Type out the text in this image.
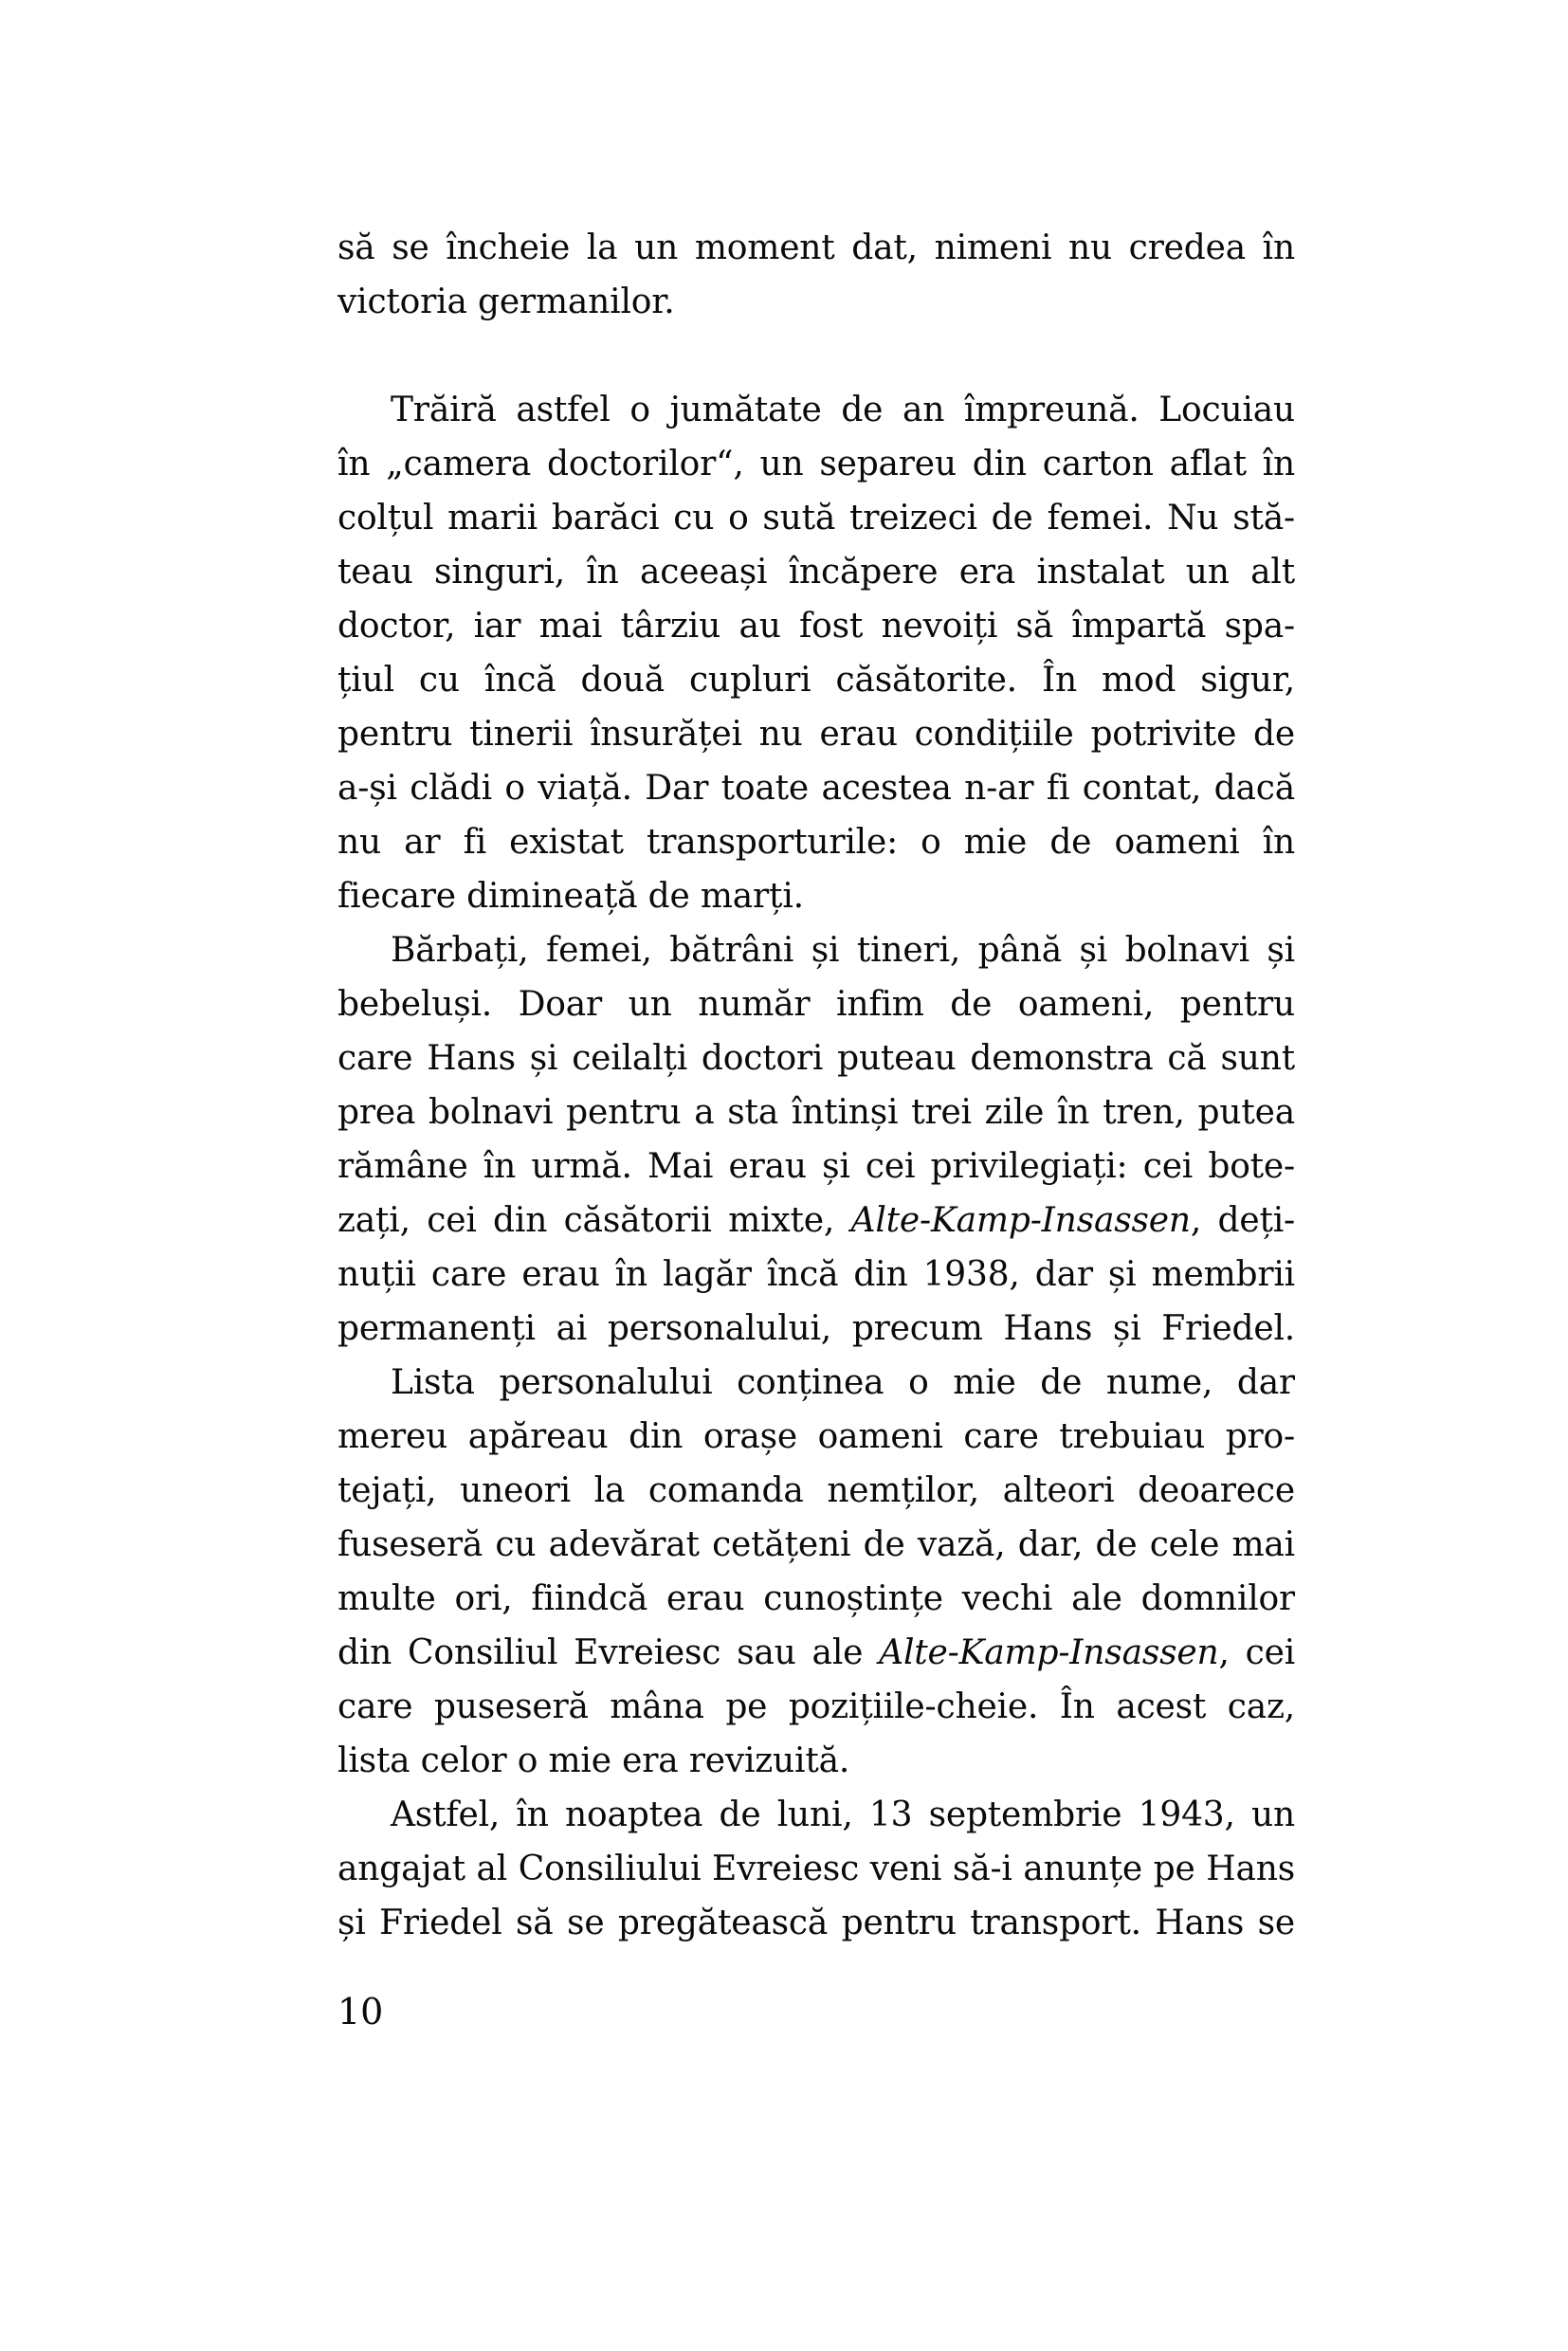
să se încheie la un moment dat, nimeni nu credea în
victoria germanilor.
Trăiră astfel o jumătate de an împreună. Locuiau
în „camera doctorilor“, un separeu din carton aflat în
colțul marii barăci cu o sută treizeci de femei. Nu stă-
teau singuri, în aceeași încăpere era instalat un alt
doctor, iar mai târziu au fost nevoiți să împartă spa-
țiul cu încă două cupluri căsătorite. În mod sigur,
pentru tinerii însurăței nu erau condițiile potrivite de
a-și clădi o viață. Dar toate acestea n-ar fi contat, dacă
nu ar fi existat transporturile: o mie de oameni în
fiecare dimineață de marți.
Bărbați, femei, bătrâni și tineri, până și bolnavi și
bebeluși. Doar un număr infim de oameni, pentru
care Hans și ceilalți doctori puteau demonstra că sunt
prea bolnavi pentru a sta întinși trei zile în tren, putea
rămâne în urmă. Mai erau și cei privilegiați: cei bote-
zați, cei din căsătorii mixte, Alte-Kamp-Insassen, deți-
nuții care erau în lagăr încă din 1938, dar și membrii
permanenți ai personalului, precum Hans și Friedel.
Lista personalului conținea o mie de nume, dar
mereu apăreau din orașe oameni care trebuiau pro-
tejați, uneori la comanda nemților, alteori deoarece
fuseseră cu adevărat cetățeni de vază, dar, de cele mai
multe ori, fiindcă erau cunoștințe vechi ale domnilor
din Consiliul Evreiesc sau ale Alte-Kamp-Insassen, cei
care puseseră mâna pe pozițiile-cheie. În acest caz,
lista celor o mie era revizuită.
Astfel, în noaptea de luni, 13 septembrie 1943, un
angajat al Consiliului Evreiesc veni să-i anunțe pe Hans
și Friedel să se pregătească pentru transport. Hans se
10
